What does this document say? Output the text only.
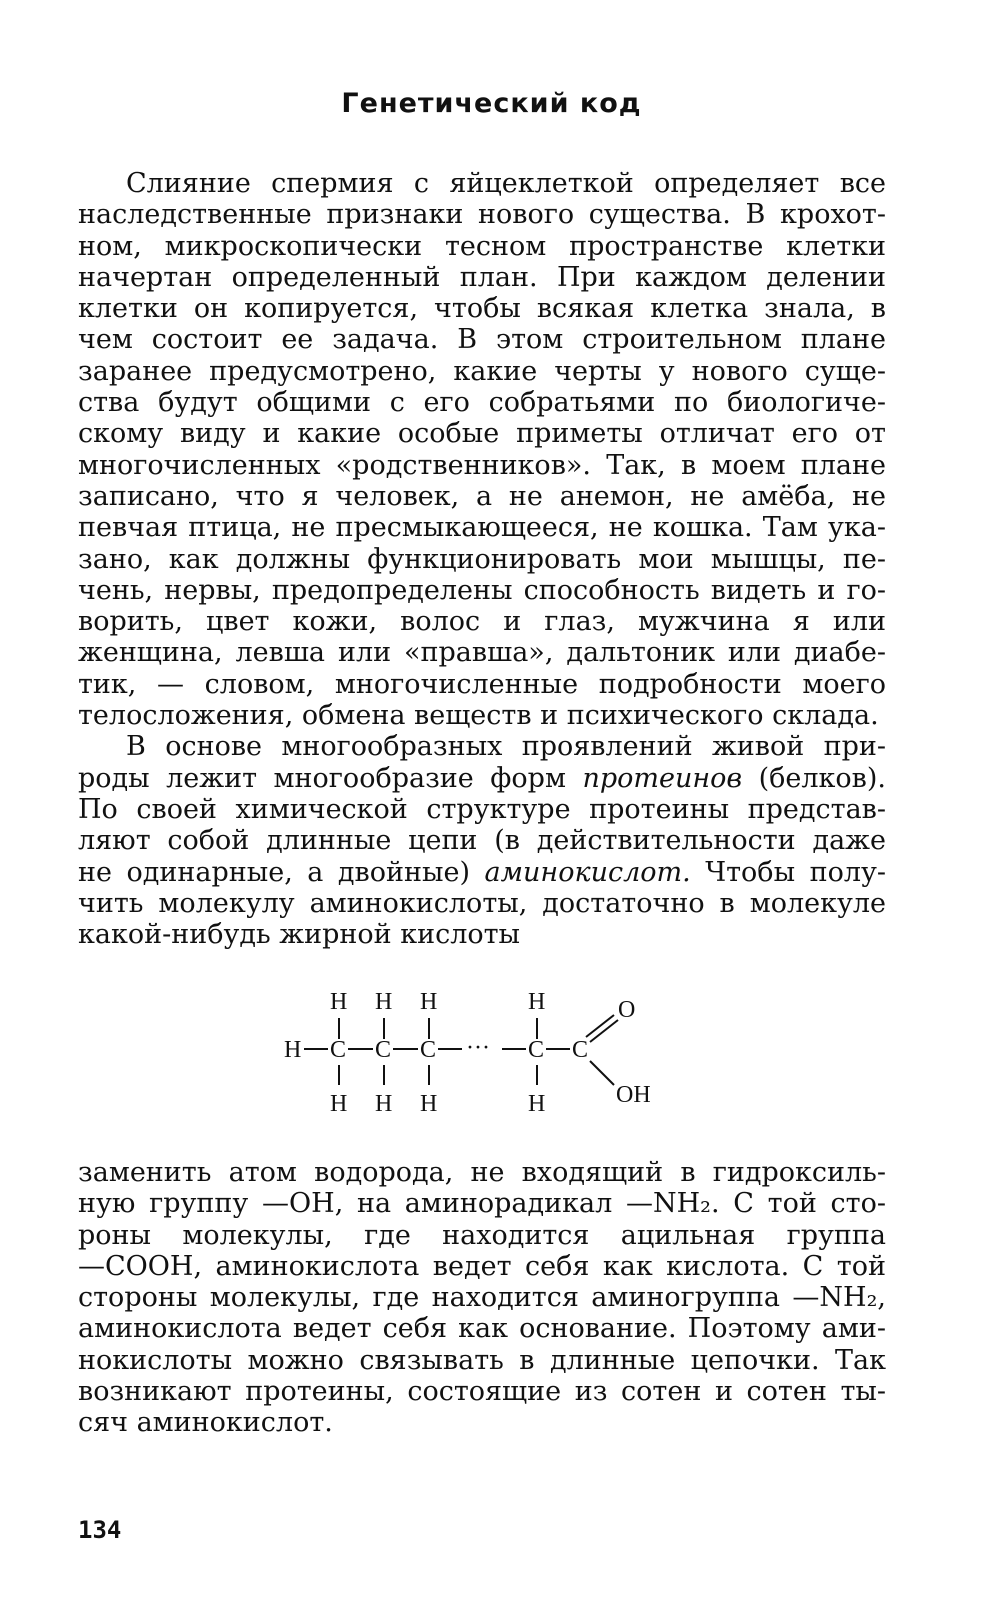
Генетический код
Слияние спермия с яйцеклеткой определяет все
наследственные признаки нового существа. В крохот-
ном, микроскопически тесном пространстве клетки
начертан определенный план. При каждом делении
клетки он копируется, чтобы всякая клетка знала, в
чем состоит ее задача. В этом строительном плане
заранее предусмотрено, какие черты у нового суще-
ства будут общими с его собратьями по биологиче-
скому виду и какие особые приметы отличат его от
многочисленных «родственников». Так, в моем плане
записано, что я человек, а не анемон, не амёба, не
певчая птица, не пресмыкающееся, не кошка. Там ука-
зано, как должны функционировать мои мышцы, пе-
чень, нервы, предопределены способность видеть и го-
ворить, цвет кожи, волос и глаз, мужчина я или
женщина, левша или «правша», дальтоник или диабе-
тик, — словом, многочисленные подробности моего
телосложения, обмена веществ и психического склада.
В основе многообразных проявлений живой при-
роды лежит многообразие форм протеинов (белков).
По своей химической структуре протеины представ-
ляют собой длинные цепи (в действительности даже
не одинарные, а двойные) аминокислот. Чтобы полу-
чить молекулу аминокислоты, достаточно в молекуле
какой-нибудь жирной кислоты
H H H	H
H C C C ··· C C
O
OH
H H H	H
заменить атом водорода, не входящий в гидроксиль-
ную группу —OH, на аминорадикал —NH₂. С той сто-
роны молекулы, где находится ацильная группа
—COOH, аминокислота ведет себя как кислота. С той
стороны молекулы, где находится аминогруппа —NH₂,
аминокислота ведет себя как основание. Поэтому ами-
нокислоты можно связывать в длинные цепочки. Так
возникают протеины, состоящие из сотен и сотен ты-
сяч аминокислот.

134
